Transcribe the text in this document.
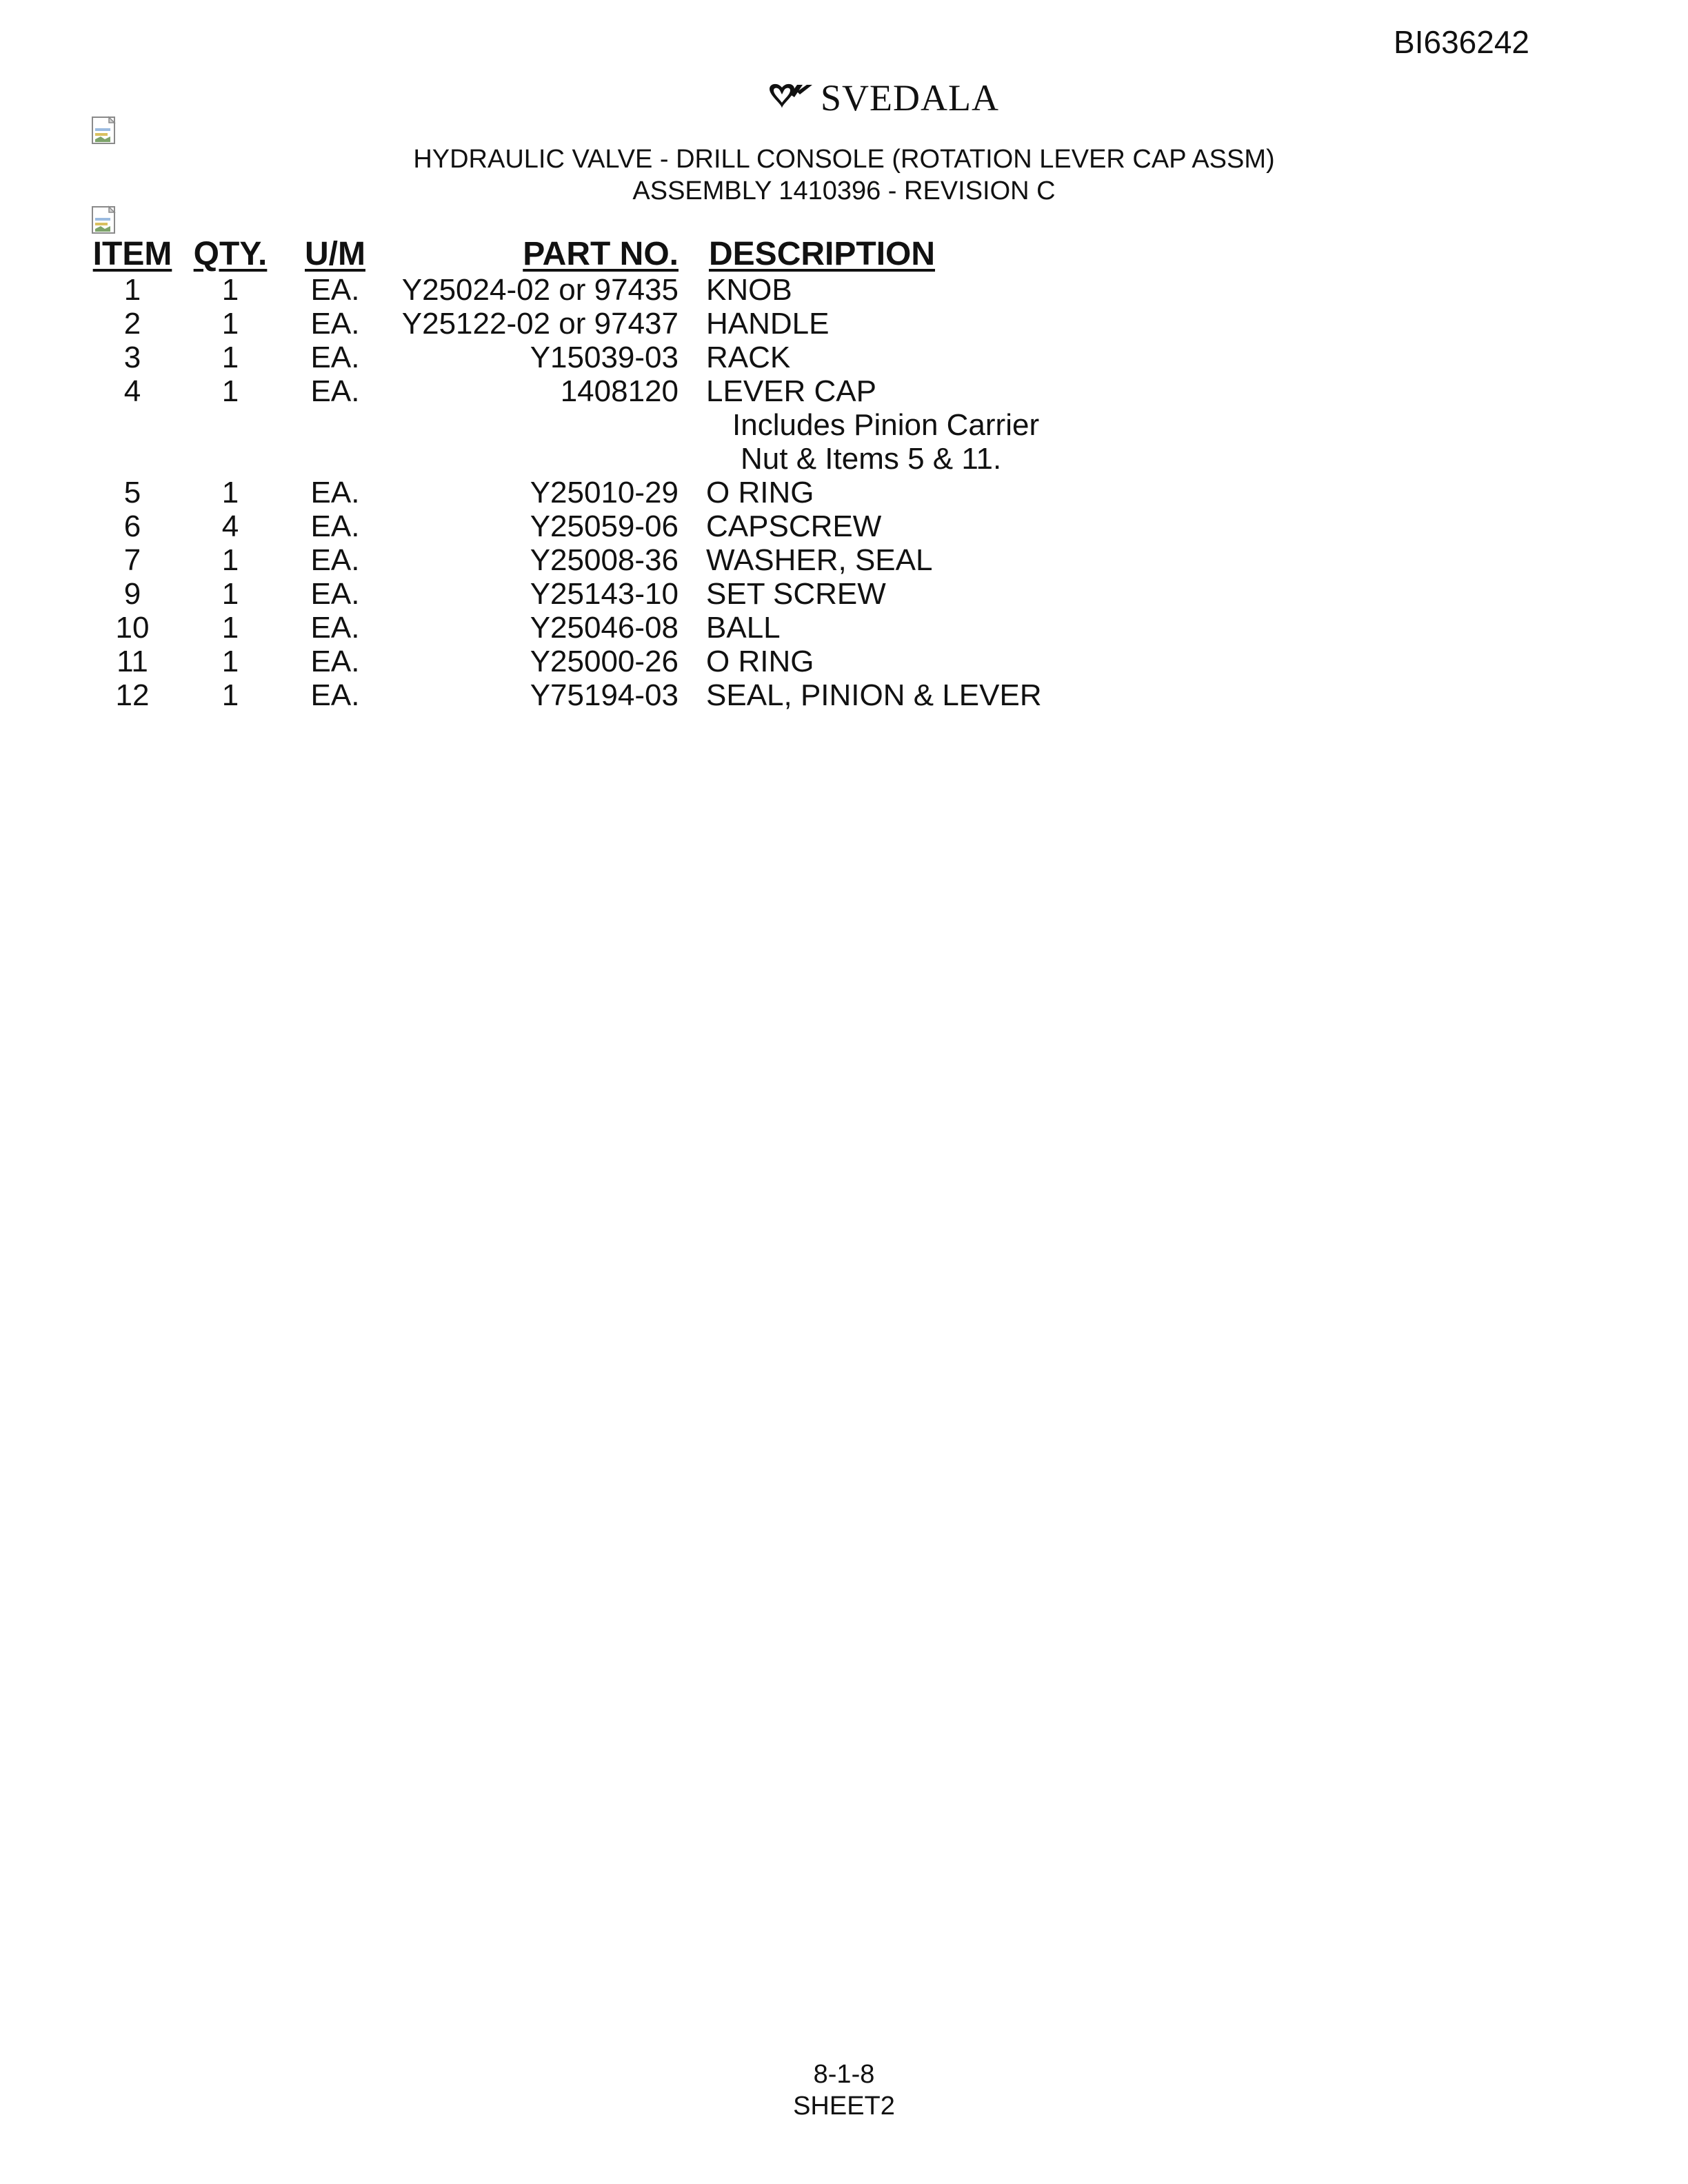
BI636242
SVEDALA
HYDRAULIC VALVE - DRILL CONSOLE (ROTATION LEVER CAP ASSM)
ASSEMBLY 1410396 - REVISION C
ITEM	QTY.	U/M	PART NO.	DESCRIPTION
1	1	EA.	Y25024-02 or 97435	KNOB
2	1	EA.	Y25122-02 or 97437	HANDLE
3	1	EA.	Y15039-03	RACK
4	1	EA.	1408120	LEVER CAP
				Includes Pinion Carrier
				Nut & Items 5 & 11.
5	1	EA.	Y25010-29	O RING
6	4	EA.	Y25059-06	CAPSCREW
7	1	EA.	Y25008-36	WASHER, SEAL
9	1	EA.	Y25143-10	SET SCREW
10	1	EA.	Y25046-08	BALL
11	1	EA.	Y25000-26	O RING
12	1	EA.	Y75194-03	SEAL, PINION & LEVER
8-1-8
SHEET2
